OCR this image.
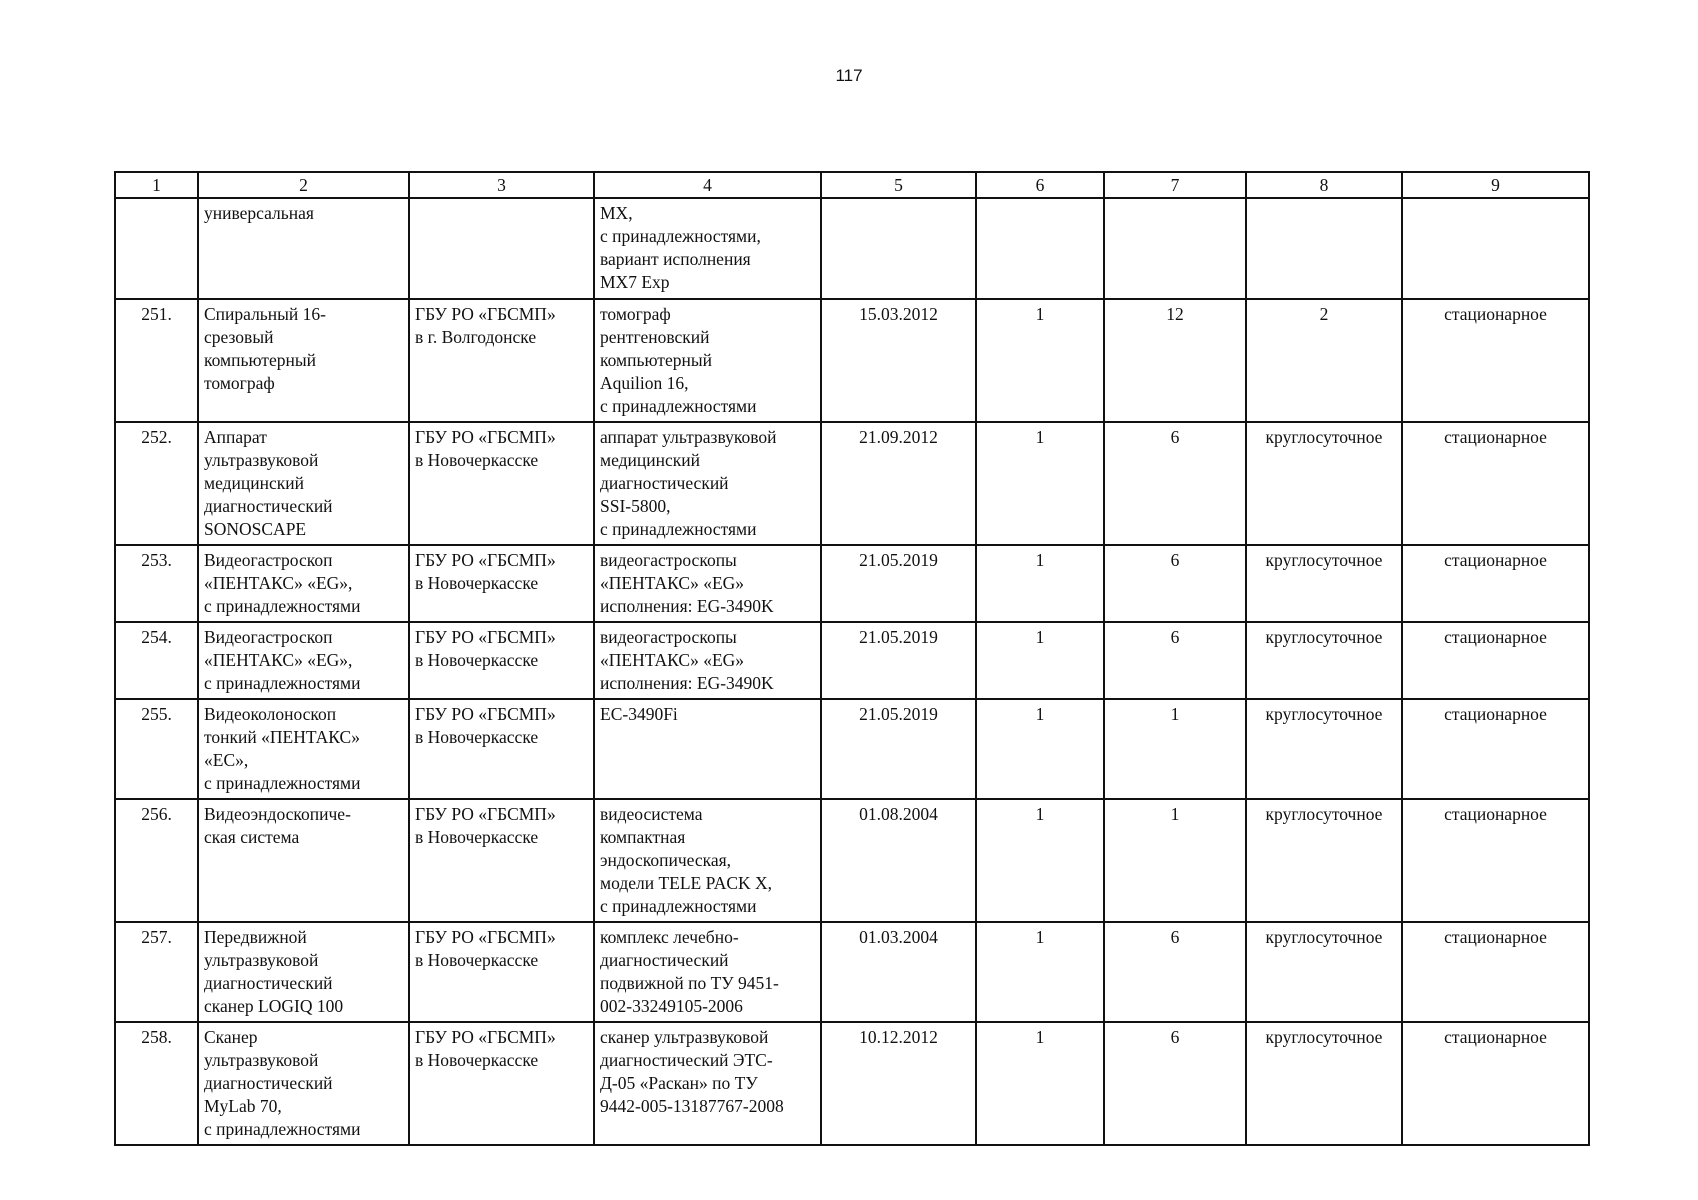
117
1	2	3	4	5	6	7	8	9

	универсальная		MX,
с принадлежностями,
вариант исполнения
MX7 Exp					

251.	Спиральный 16-
срезовый
компьютерный
томограф	ГБУ РО «ГБСМП»
в г. Волгодонске	томограф
рентгеновский
компьютерный
Aquilion 16,
с принадлежностями	15.03.2012	1	12	2	стационарное
252.	Аппарат
ультразвуковой
медицинский
диагностический
SONOSCAPE	ГБУ РО «ГБСМП»
в Новочеркасске	аппарат ультразвуковой
медицинский
диагностический
SSI-5800,
с принадлежностями	21.09.2012	1	6	круглосуточное	стационарное
253.	Видеогастроскоп
«ПЕНТАКС» «EG»,
с принадлежностями	ГБУ РО «ГБСМП»
в Новочеркасске	видеогастроскопы
«ПЕНТАКС» «EG»
исполнения: EG-3490K	21.05.2019	1	6	круглосуточное	стационарное
254.	Видеогастроскоп
«ПЕНТАКС» «EG»,
с принадлежностями	ГБУ РО «ГБСМП»
в Новочеркасске	видеогастроскопы
«ПЕНТАКС» «EG»
исполнения: EG-3490K	21.05.2019	1	6	круглосуточное	стационарное
255.	Видеоколоноскоп
тонкий «ПЕНТАКС»
«EC»,
с принадлежностями	ГБУ РО «ГБСМП»
в Новочеркасске	EC-3490Fi	21.05.2019	1	1	круглосуточное	стационарное
256.	Видеоэндоскопиче-
ская система	ГБУ РО «ГБСМП»
в Новочеркасске	видеосистема
компактная
эндоскопическая,
модели TELE PACK X,
с принадлежностями	01.08.2004	1	1	круглосуточное	стационарное
257.	Передвижной
ультразвуковой
диагностический
сканер LOGIQ 100	ГБУ РО «ГБСМП»
в Новочеркасске	комплекс лечебно-
диагностический
подвижной по ТУ 9451-
002-33249105-2006	01.03.2004	1	6	круглосуточное	стационарное
258.	Сканер
ультразвуковой
диагностический
MyLab 70,
с принадлежностями	ГБУ РО «ГБСМП»
в Новочеркасске	сканер ультразвуковой
диагностический ЭТС-
Д-05 «Раскан» по ТУ
9442-005-13187767-2008	10.12.2012	1	6	круглосуточное	стационарное
